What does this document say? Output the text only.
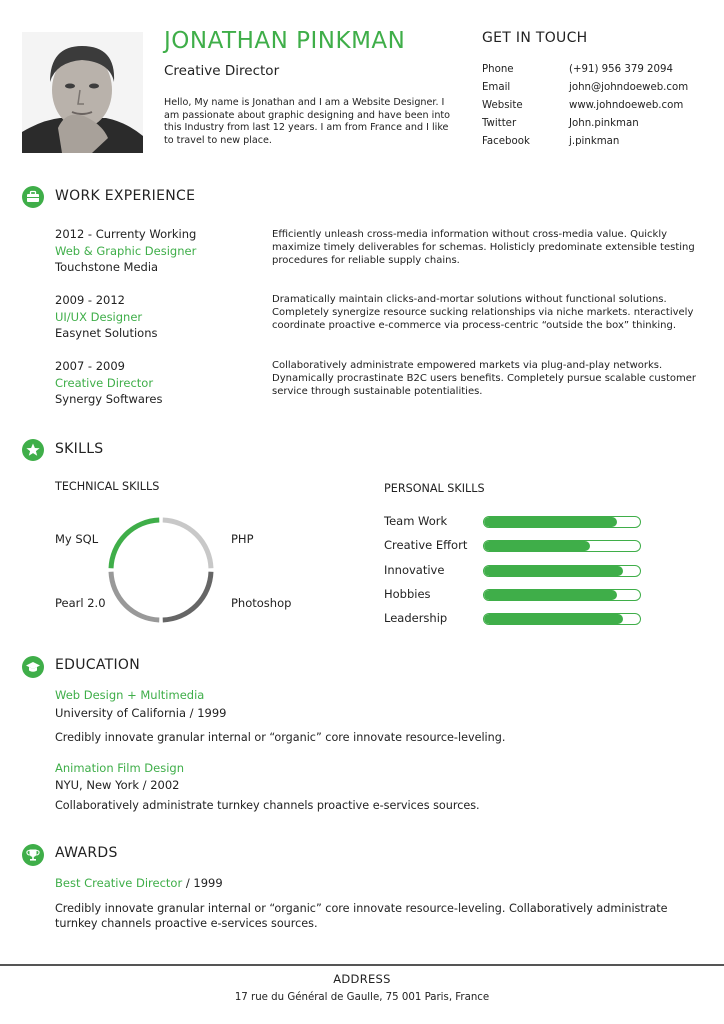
JONATHAN PINKMAN
Creative Director
Hello, My name is Jonathan and I am a Website Designer. I am passionate about graphic designing and have been into this Industry from last 12 years. I am from France and I like to travel to new place.
GET IN TOUCH
Phone	(+91) 956 379 2094
Email	john@johndoeweb.com
Website	www.johndoeweb.com
Twitter	John.pinkman
Facebook	j.pinkman
WORK EXPERIENCE
2012 - Currenty Working
Web & Graphic Designer
Touchstone Media
Efficiently unleash cross-media information without cross-media value. Quickly maximize timely deliverables for schemas. Holisticly predominate extensible testing procedures for reliable supply chains.
2009 - 2012
UI/UX Designer
Easynet Solutions
Dramatically maintain clicks-and-mortar solutions without functional solutions. Completely synergize resource sucking relationships via niche markets. nteractively coordinate proactive e-commerce via process-centric “outside the box” thinking.
2007 - 2009
Creative Director
Synergy Softwares
Collaboratively administrate empowered markets via plug-and-play networks. Dynamically procrastinate B2C users benefits. Completely pursue scalable customer service through sustainable potentialities.
SKILLS
TECHNICAL SKILLS
My SQL	PHP
Photoshop
Pearl 2.0
PERSONAL SKILLS
Team Work
Creative Effort
Innovative
Hobbies
Leadership
EDUCATION
Web Design + Multimedia
University of California / 1999
Credibly innovate granular internal or “organic” core innovate resource-leveling.
Animation Film Design
NYU, New York / 2002
Collaboratively administrate turnkey channels proactive e-services sources.
AWARDS
Best Creative Director / 1999
Credibly innovate granular internal or “organic” core innovate resource-leveling. Collaboratively administrate turnkey channels proactive e-services sources.
ADDRESS
17 rue du Général de Gaulle, 75 001 Paris, France
